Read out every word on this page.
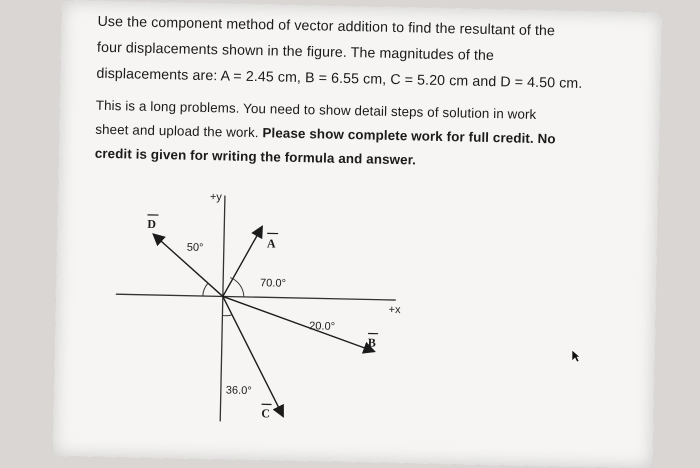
Use the component method of vector addition to find the resultant of the
four displacements shown in the figure. The magnitudes of the
displacements are: A = 2.45 cm, B = 6.55 cm, C = 5.20 cm and D = 4.50 cm.
This is a long problems. You need to show detail steps of solution in work
sheet and upload the work. Please show complete work for full credit. No
credit is given for writing the formula and answer.
+y
+x
D
A
B
C
50°
70.0°
20.0°
36.0°
